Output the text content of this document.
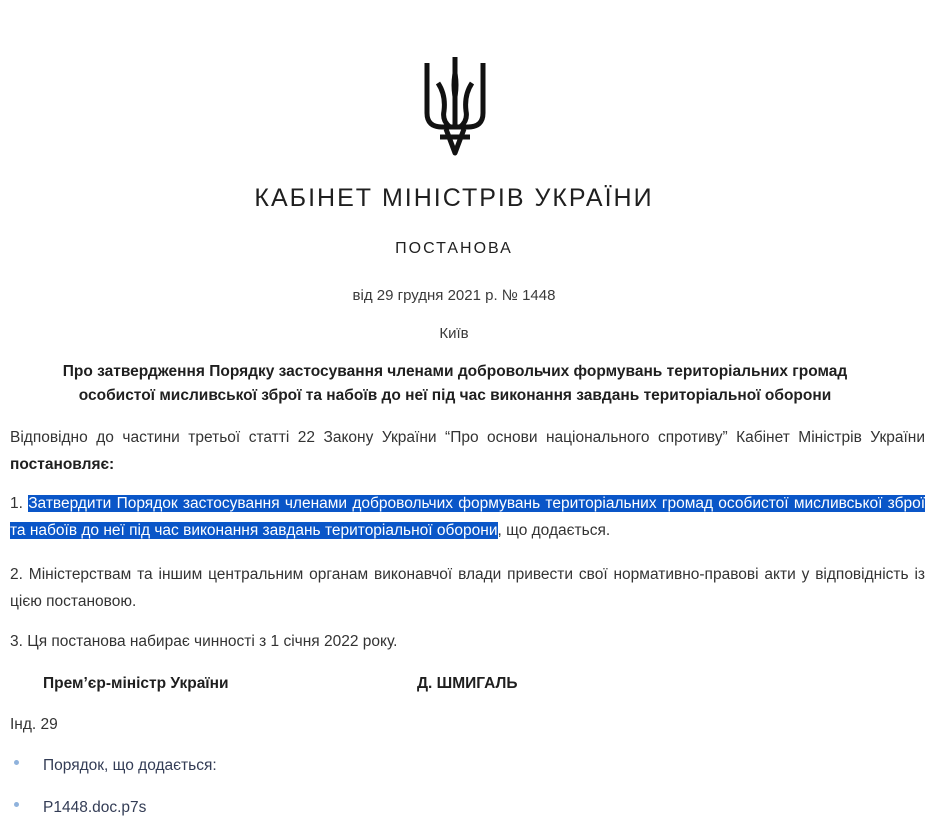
КАБІНЕТ МІНІСТРІВ УКРАЇНИ
ПОСТАНОВА
від 29 грудня 2021 р. № 1448
Київ
Про затвердження Порядку застосування членами добровольчих формувань територіальних громад
особистої мисливської зброї та набоїв до неї під час виконання завдань територіальної оборони
Відповідно до частини третьої статті 22 Закону України “Про основи національного спротиву” Кабінет Міністрів України постановляє:
1. Затвердити Порядок застосування членами добровольчих формувань територіальних громад особистої мисливської зброї та набоїв до неї під час виконання завдань територіальної оборони, що додається.
2. Міністерствам та іншим центральним органам виконавчої влади привести свої нормативно-правові акти у відповідність із цією постановою.
3. Ця постанова набирає чинності з 1 січня 2022 року.
Прем’єр-міністр України	Д. ШМИГАЛЬ
Інд. 29
Порядок, що додається:
P1448.doc.p7s
